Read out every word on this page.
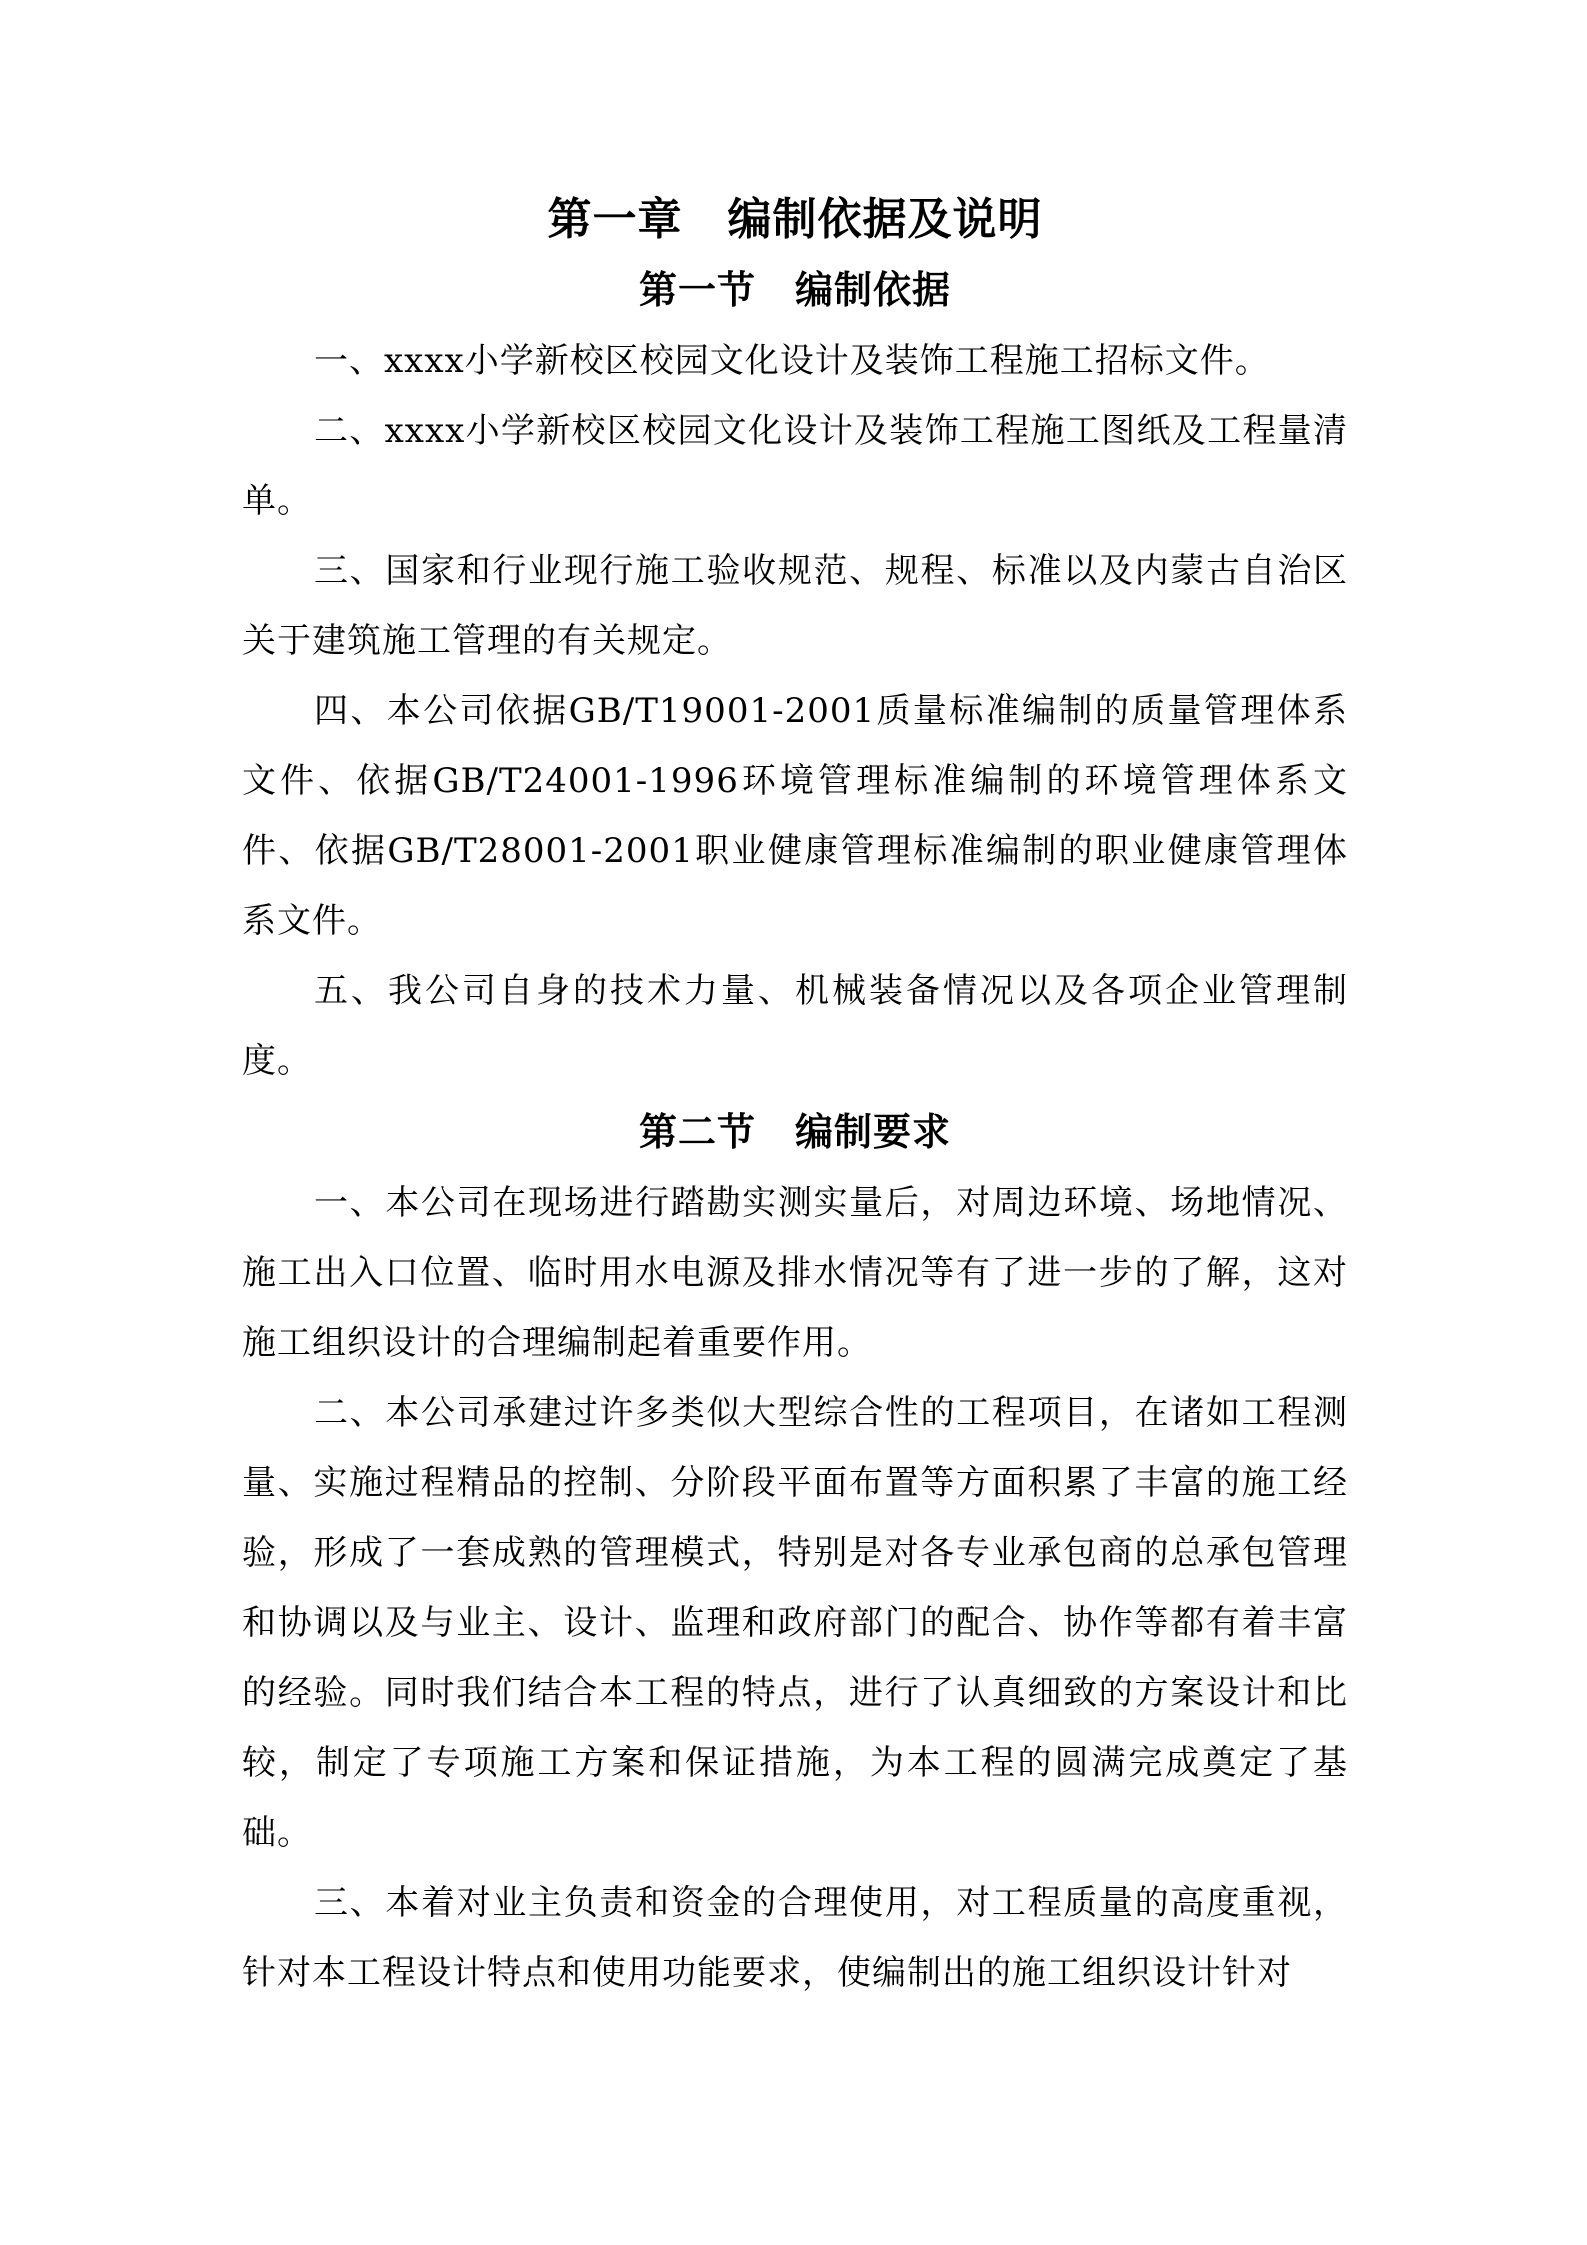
第一章　编制依据及说明
第一节　编制依据

一、xxxx小学新校区校园文化设计及装饰工程施工招标文件。

二、xxxx小学新校区校园文化设计及装饰工程施工图纸及工程量清单。

三、国家和行业现行施工验收规范、规程、标准以及内蒙古自治区关于建筑施工管理的有关规定。

四、本公司依据GB/T19001-2001质量标准编制的质量管理体系文件、依据GB/T24001-1996环境管理标准编制的环境管理体系文件、依据GB/T28001-2001职业健康管理标准编制的职业健康管理体系文件。

五、我公司自身的技术力量、机械装备情况以及各项企业管理制度。

第二节　编制要求

一、本公司在现场进行踏勘实测实量后，对周边环境、场地情况、施工出入口位置、临时用水电源及排水情况等有了进一步的了解，这对施工组织设计的合理编制起着重要作用。

二、本公司承建过许多类似大型综合性的工程项目，在诸如工程测量、实施过程精品的控制、分阶段平面布置等方面积累了丰富的施工经验，形成了一套成熟的管理模式，特别是对各专业承包商的总承包管理和协调以及与业主、设计、监理和政府部门的配合、协作等都有着丰富的经验。同时我们结合本工程的特点，进行了认真细致的方案设计和比较，制定了专项施工方案和保证措施，为本工程的圆满完成奠定了基础。

三、本着对业主负责和资金的合理使用，对工程质量的高度重视，针对本工程设计特点和使用功能要求，使编制出的施工组织设计针对
